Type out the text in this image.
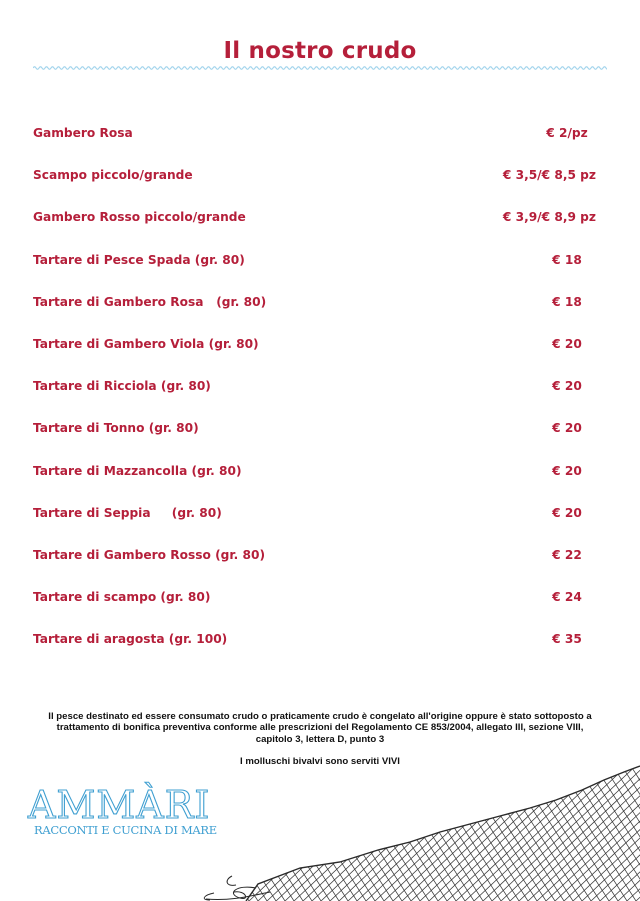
Il nostro crudo
Gambero Rosa	€ 2/pz
Scampo piccolo/grande	€ 3,5/€ 8,5 pz
Gambero Rosso piccolo/grande	€ 3,9/€ 8,9 pz
Tartare di Pesce Spada (gr. 80)	€ 18
Tartare di Gambero Rosa   (gr. 80)	€ 18
Tartare di Gambero Viola (gr. 80)	€ 20
Tartare di Ricciola (gr. 80)	€ 20
Tartare di Tonno (gr. 80)	€ 20
Tartare di Mazzancolla (gr. 80)	€ 20
Tartare di Seppia     (gr. 80)	€ 20
Tartare di Gambero Rosso (gr. 80)	€ 22
Tartare di scampo (gr. 80)	€ 24
Tartare di aragosta (gr. 100)	€ 35
Il pesce destinato ed essere consumato crudo o praticamente crudo è congelato all'origine oppure è stato sottoposto a trattamento di bonifica preventiva conforme alle prescrizioni del Regolamento CE 853/2004, allegato III, sezione VIII, capitolo 3, lettera D, punto 3
I molluschi bivalvi sono serviti VIVI
AMMÀRI
RACCONTI E CUCINA DI MARE
